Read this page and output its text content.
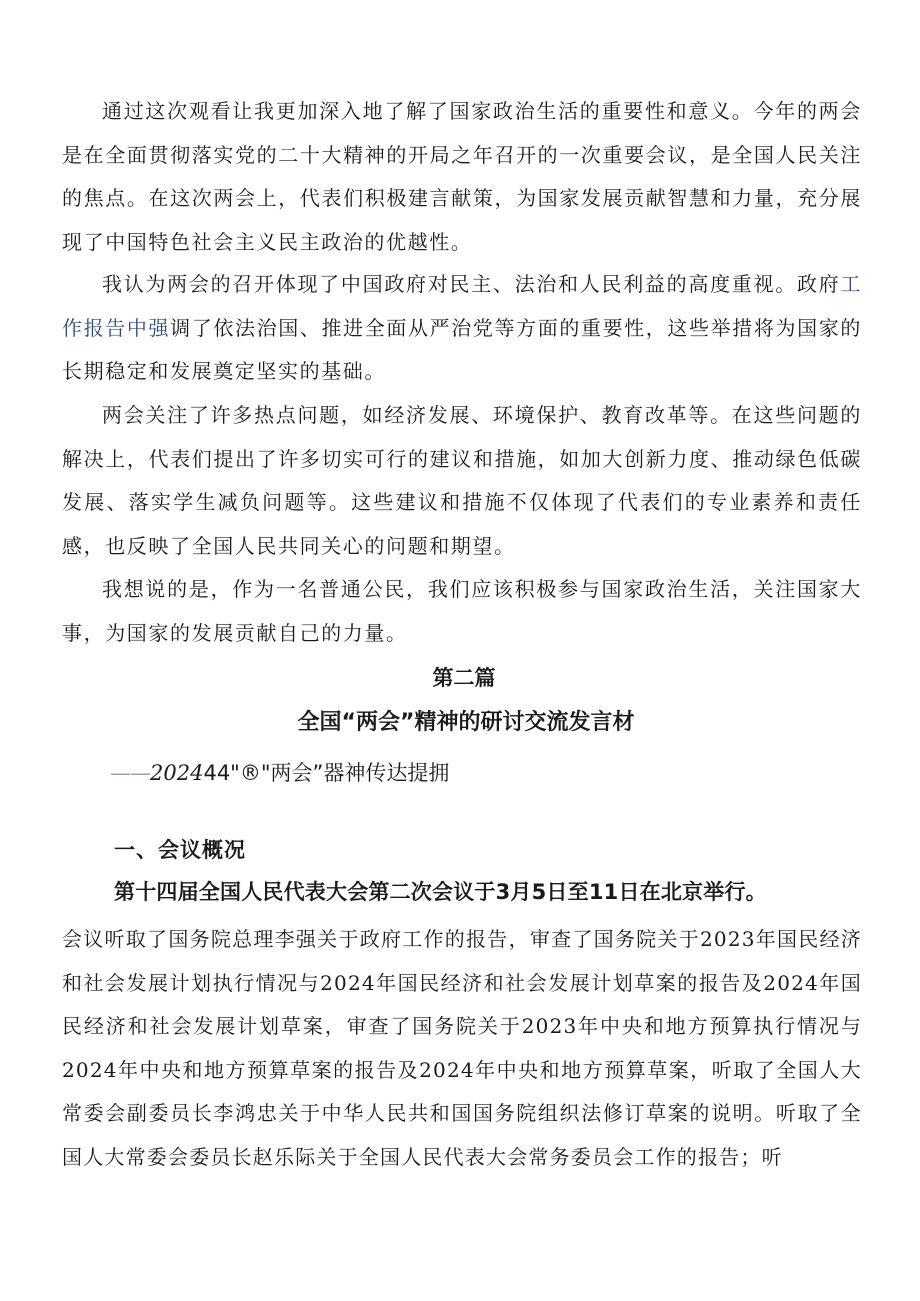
通过这次观看让我更加深入地了解了国家政治生活的重要性和意义。今年的两会是在全面贯彻落实党的二十大精神的开局之年召开的一次重要会议，是全国人民关注的焦点。在这次两会上，代表们积极建言献策，为国家发展贡献智慧和力量，充分展现了中国特色社会主义民主政治的优越性。

我认为两会的召开体现了中国政府对民主、法治和人民利益的高度重视。政府工作报告中强调了依法治国、推进全面从严治党等方面的重要性，这些举措将为国家的长期稳定和发展奠定坚实的基础。

两会关注了许多热点问题，如经济发展、环境保护、教育改革等。在这些问题的解决上，代表们提出了许多切实可行的建议和措施，如加大创新力度、推动绿色低碳发展、落实学生减负问题等。这些建议和措施不仅体现了代表们的专业素养和责任感，也反映了全国人民共同关心的问题和期望。

我想说的是，作为一名普通公民，我们应该积极参与国家政治生活，关注国家大事，为国家的发展贡献自己的力量。

第二篇

全国“两会”精神的研讨交流发言材

——202444"®"两会”器神传达提拥

一、会议概况

第十四届全国人民代表大会第二次会议于3月5日至11日在北京举行。

会议听取了国务院总理李强关于政府工作的报告，审查了国务院关于2023年国民经济和社会发展计划执行情况与2024年国民经济和社会发展计划草案的报告及2024年国民经济和社会发展计划草案，审查了国务院关于2023年中央和地方预算执行情况与2024年中央和地方预算草案的报告及2024年中央和地方预算草案，听取了全国人大常委会副委员长李鸿忠关于中华人民共和国国务院组织法修订草案的说明。听取了全国人大常委会委员长赵乐际关于全国人民代表大会常务委员会工作的报告；听
